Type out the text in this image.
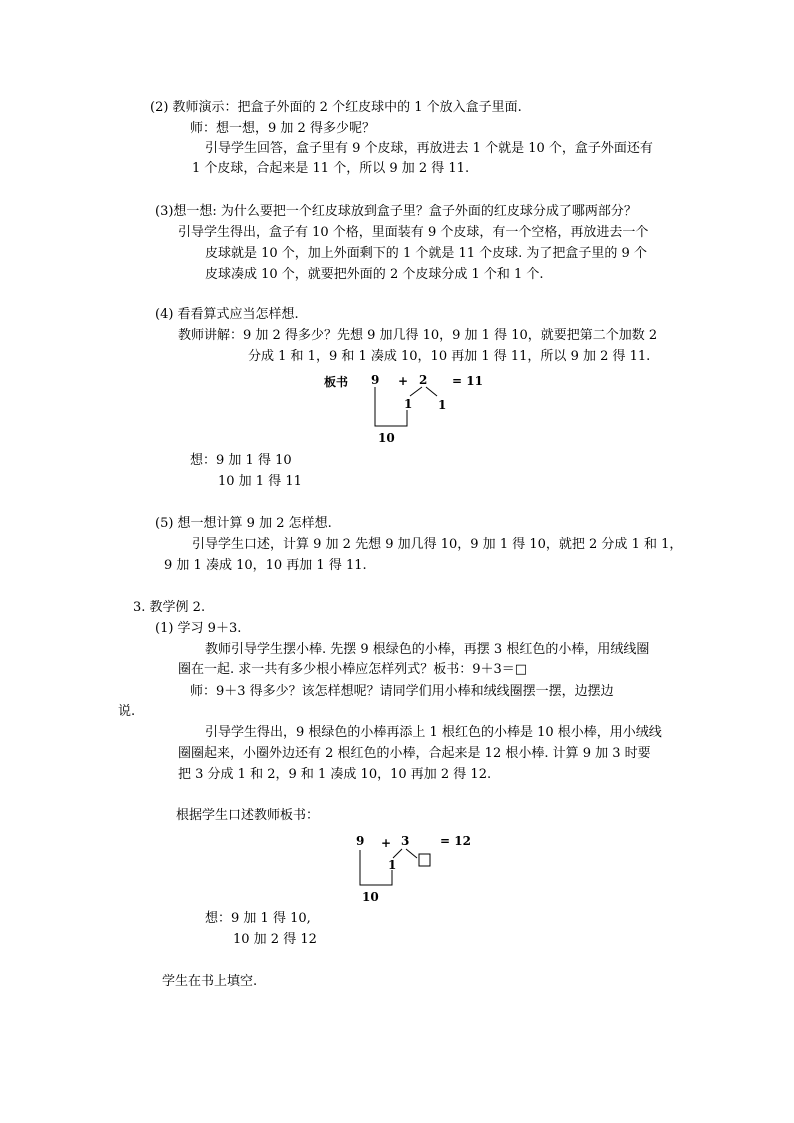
(2) 教师演示：把盒子外面的 2 个红皮球中的 1 个放入盒子里面.
师：想一想，9 加 2 得多少呢？
引导学生回答，盒子里有 9 个皮球，再放进去 1 个就是 10 个，盒子外面还有
1 个皮球，合起来是 11 个，所以 9 加 2 得 11.
(3)想一想: 为什么要把一个红皮球放到盒子里？盒子外面的红皮球分成了哪两部分？
引导学生得出，盒子有 10 个格，里面装有 9 个皮球，有一个空格，再放进去一个
皮球就是 10 个，加上外面剩下的 1 个就是 11 个皮球. 为了把盒子里的 9 个
皮球凑成 10 个，就要把外面的 2 个皮球分成 1 个和 1 个.
(4) 看看算式应当怎样想.
教师讲解：9 加 2 得多少？先想 9 加几得 10，9 加 1 得 10，就要把第二个加数 2
分成 1 和 1，9 和 1 凑成 10，10 再加 1 得 11，所以 9 加 2 得 11.
板书 9 + 2 = 11
1 1
10
想：9 加 1 得 10
10 加 1 得 11
(5) 想一想计算 9 加 2 怎样想.
引导学生口述，计算 9 加 2 先想 9 加几得 10，9 加 1 得 10，就把 2 分成 1 和 1，
9 加 1 凑成 10，10 再加 1 得 11.
3. 教学例 2.
(1) 学习 9＋3.
教师引导学生摆小棒. 先摆 9 根绿色的小棒，再摆 3 根红色的小棒，用绒线圈
圈在一起. 求一共有多少根小棒应怎样列式？板书：9＋3＝□
师：9＋3 得多少？该怎样想呢？请同学们用小棒和绒线圈摆一摆，边摆边
说.
引导学生得出，9 根绿色的小棒再添上 1 根红色的小棒是 10 根小棒，用小绒线
圈圈起来，小圈外边还有 2 根红色的小棒，合起来是 12 根小棒. 计算 9 加 3 时要
把 3 分成 1 和 2，9 和 1 凑成 10，10 再加 2 得 12.
根据学生口述教师板书：
9 + 3	= 12
1
10
想：9 加 1 得 10,
10 加 2 得 12
学生在书上填空.
